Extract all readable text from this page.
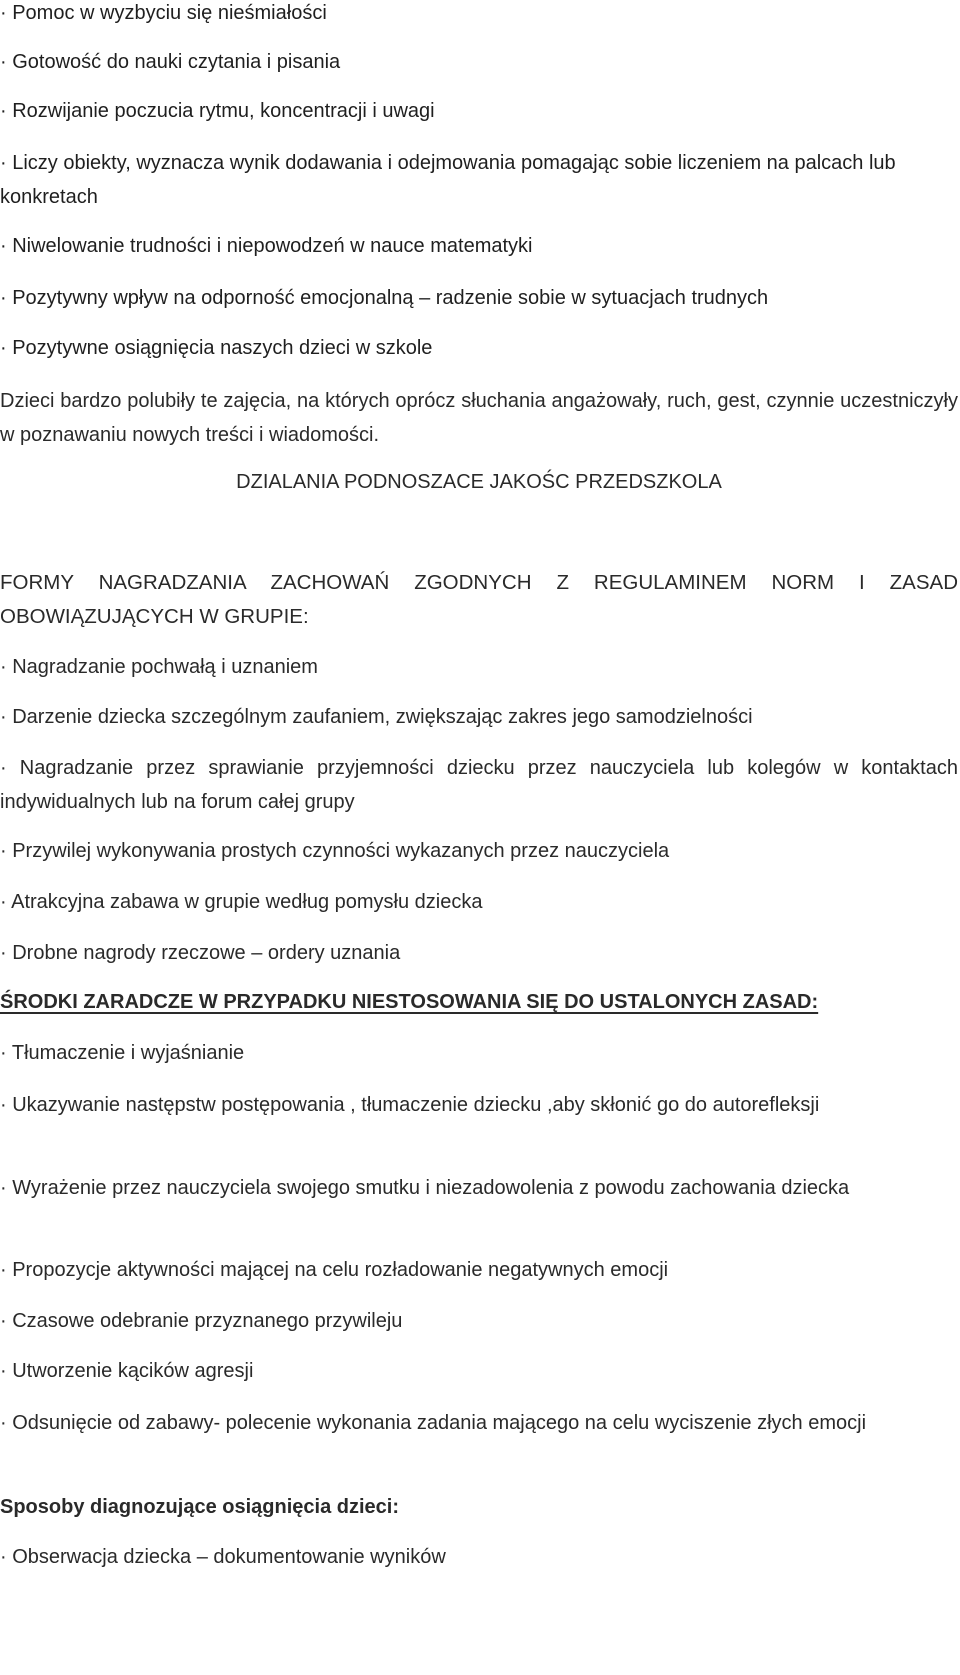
· Pomoc w wyzbyciu się nieśmiałości

· Gotowość do nauki czytania i pisania

· Rozwijanie poczucia rytmu, koncentracji i uwagi

· Liczy obiekty, wyznacza wynik dodawania i odejmowania pomagając sobie liczeniem na palcach lub konkretach

· Niwelowanie trudności i niepowodzeń w nauce matematyki

· Pozytywny wpływ na odporność emocjonalną – radzenie sobie w sytuacjach trudnych

· Pozytywne osiągnięcia naszych dzieci w szkole

Dzieci bardzo polubiły te zajęcia, na których oprócz słuchania angażowały, ruch, gest, czynnie uczestniczyły w poznawaniu nowych treści i wiadomości.

DZIALANIA PODNOSZACE JAKOŚC PRZEDSZKOLA

FORMY NAGRADZANIA ZACHOWAŃ ZGODNYCH Z REGULAMINEM NORM I ZASAD OBOWIĄZUJĄCYCH W GRUPIE:

· Nagradzanie pochwałą i uznaniem

· Darzenie dziecka szczególnym zaufaniem, zwiększając zakres jego samodzielności

· Nagradzanie przez sprawianie przyjemności dziecku przez nauczyciela lub kolegów w kontaktach indywidualnych lub na forum całej grupy

· Przywilej wykonywania prostych czynności wykazanych przez nauczyciela

· Atrakcyjna zabawa w grupie według pomysłu dziecka

· Drobne nagrody rzeczowe – ordery uznania

ŚRODKI ZARADCZE W PRZYPADKU NIESTOSOWANIA SIĘ DO USTALONYCH ZASAD:

· Tłumaczenie i wyjaśnianie

· Ukazywanie następstw postępowania , tłumaczenie dziecku ,aby skłonić go do autorefleksji

· Wyrażenie przez nauczyciela swojego smutku i niezadowolenia z powodu zachowania dziecka

· Propozycje aktywności mającej na celu rozładowanie negatywnych emocji

· Czasowe odebranie przyznanego przywileju

· Utworzenie kącików agresji

· Odsunięcie od zabawy- polecenie wykonania zadania mającego na celu wyciszenie złych emocji

Sposoby diagnozujące osiągnięcia dzieci:

· Obserwacja dziecka – dokumentowanie wyników
